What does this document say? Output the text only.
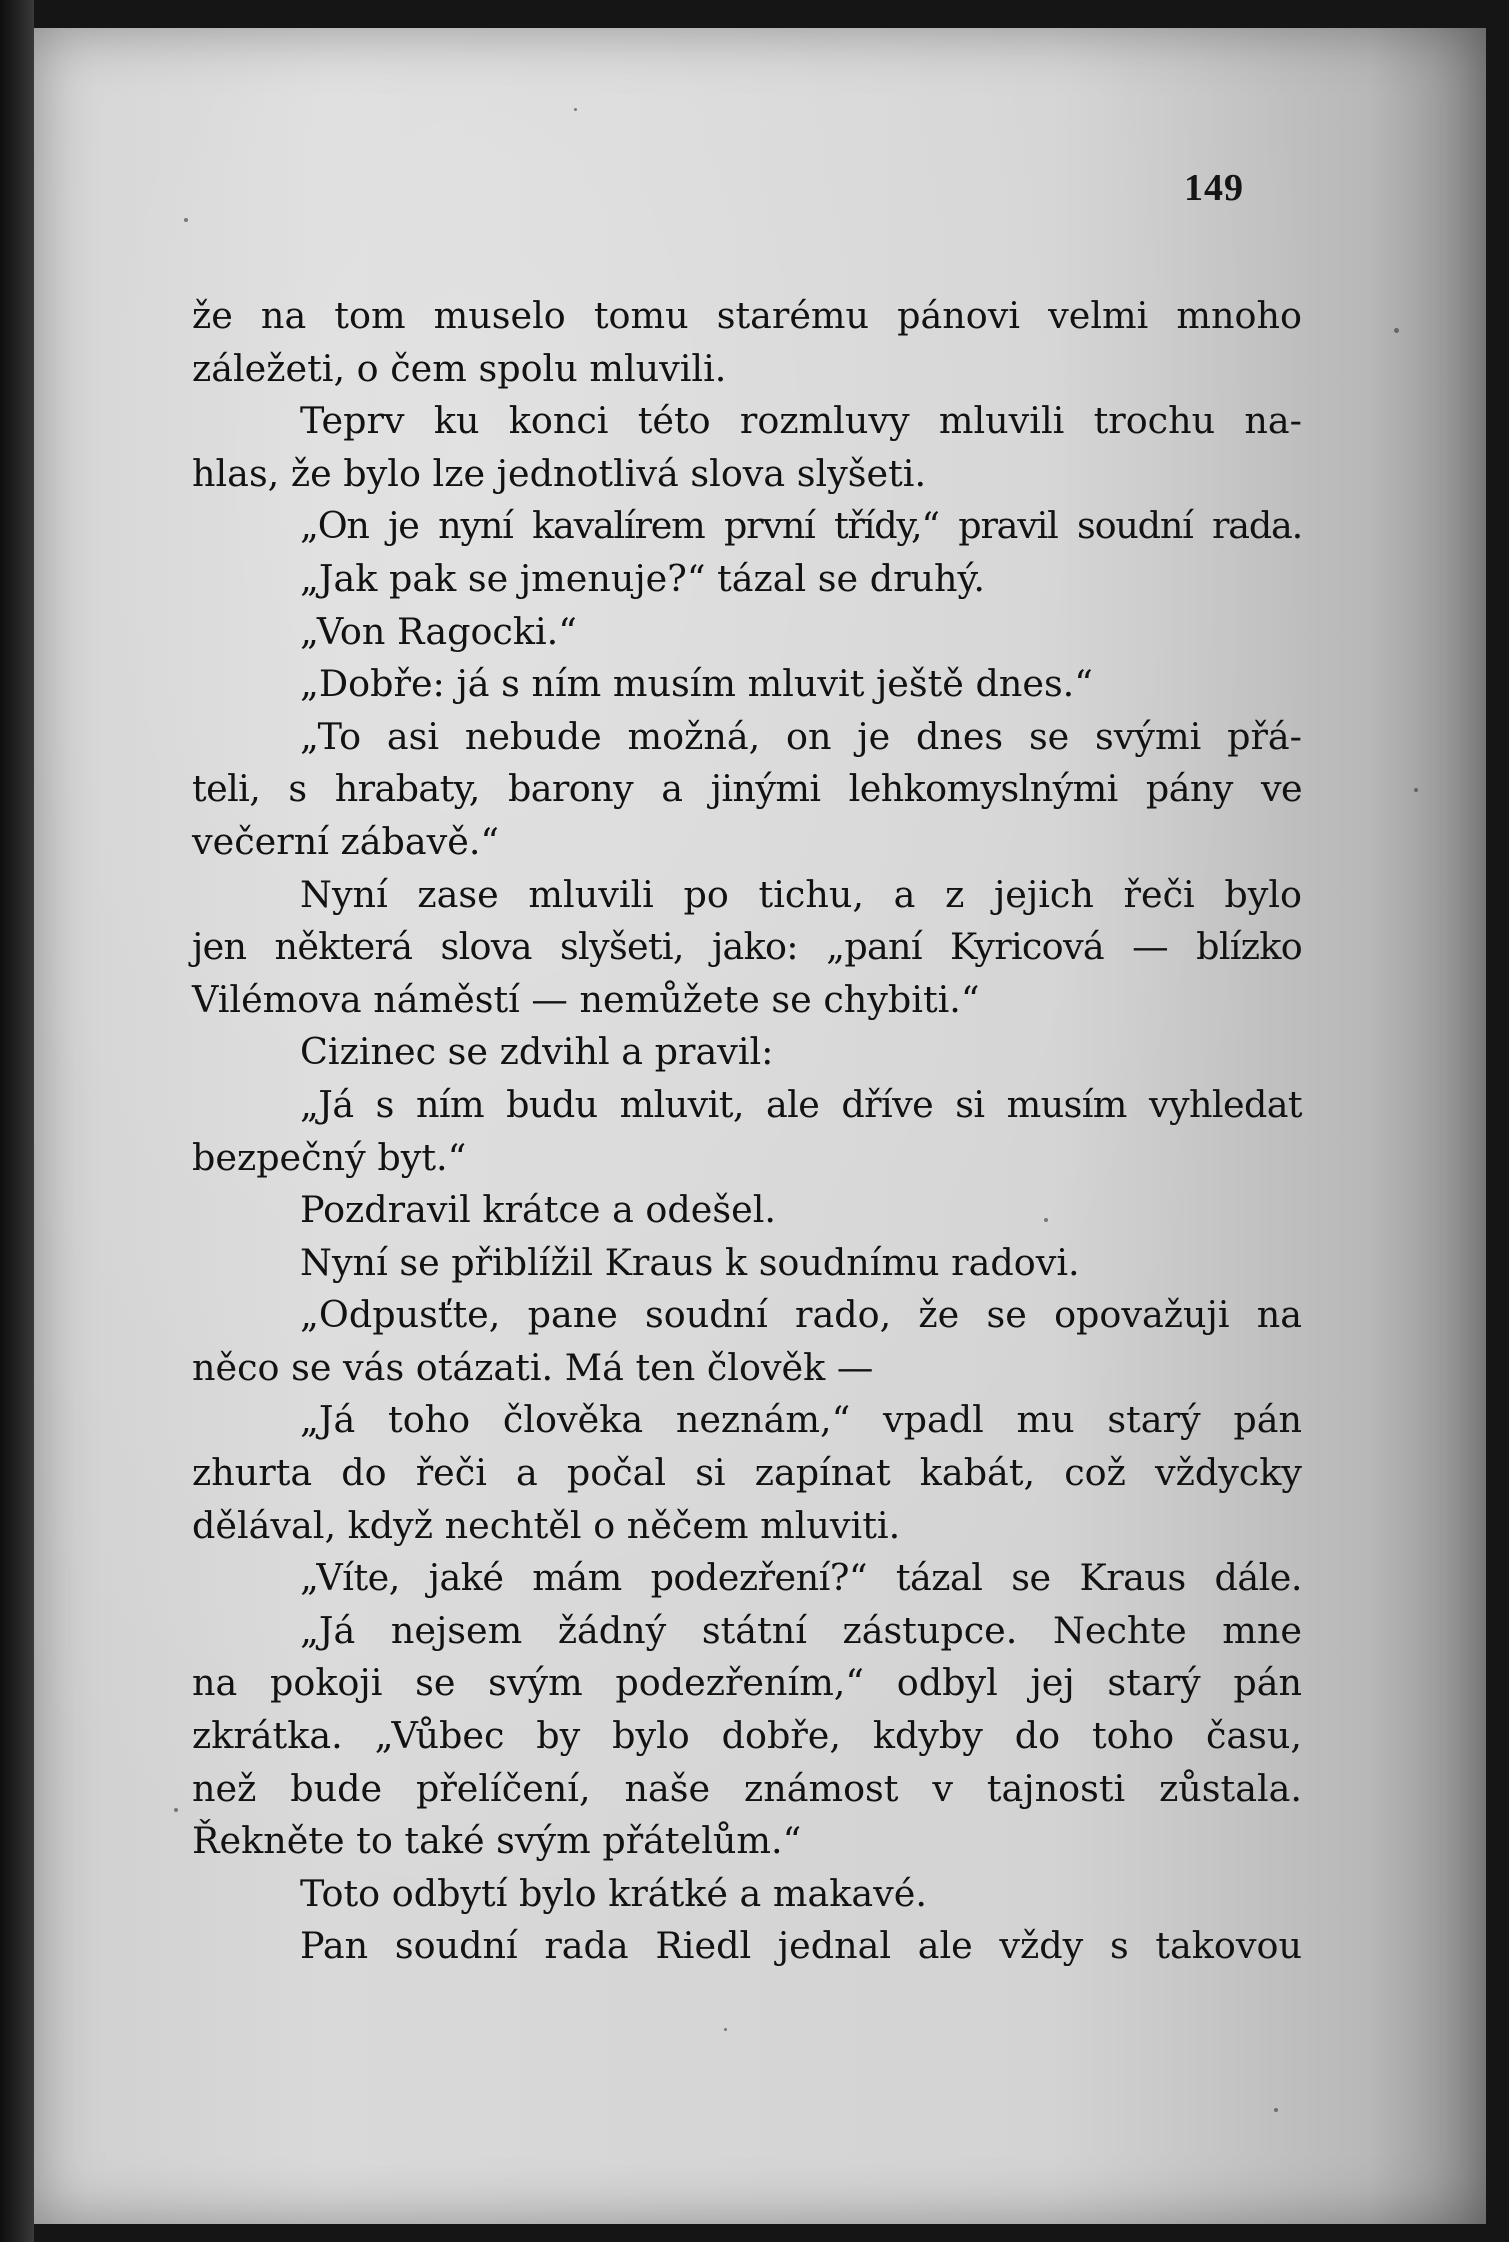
149
že na tom muselo tomu starému pánovi velmi mnoho
záležeti, o čem spolu mluvili.
Teprv ku konci této rozmluvy mluvili trochu na-
hlas, že bylo lze jednotlivá slova slyšeti.
„On je nyní kavalírem první třídy,“ pravil soudní rada.
„Jak pak se jmenuje?“ tázal se druhý.
„Von Ragocki.“
„Dobře: já s ním musím mluvit ještě dnes.“
„To asi nebude možná, on je dnes se svými přá-
teli, s hrabaty, barony a jinými lehkomyslnými pány ve
večerní zábavě.“
Nyní zase mluvili po tichu, a z jejich řeči bylo
jen některá slova slyšeti, jako: „paní Kyricová — blízko
Vilémova náměstí — nemůžete se chybiti.“
Cizinec se zdvihl a pravil:
„Já s ním budu mluvit, ale dříve si musím vyhledat
bezpečný byt.“
Pozdravil krátce a odešel.
Nyní se přiblížil Kraus k soudnímu radovi.
„Odpusťte, pane soudní rado, že se opovažuji na
něco se vás otázati. Má ten člověk —
„Já toho člověka neznám,“ vpadl mu starý pán
zhurta do řeči a počal si zapínat kabát, což vždycky
dělával, když nechtěl o něčem mluviti.
„Víte, jaké mám podezření?“ tázal se Kraus dále.
„Já nejsem žádný státní zástupce. Nechte mne
na pokoji se svým podezřením,“ odbyl jej starý pán
zkrátka. „Vůbec by bylo dobře, kdyby do toho času,
než bude přelíčení, naše známost v tajnosti zůstala.
Řekněte to také svým přátelům.“
Toto odbytí bylo krátké a makavé.
Pan soudní rada Riedl jednal ale vždy s takovou
